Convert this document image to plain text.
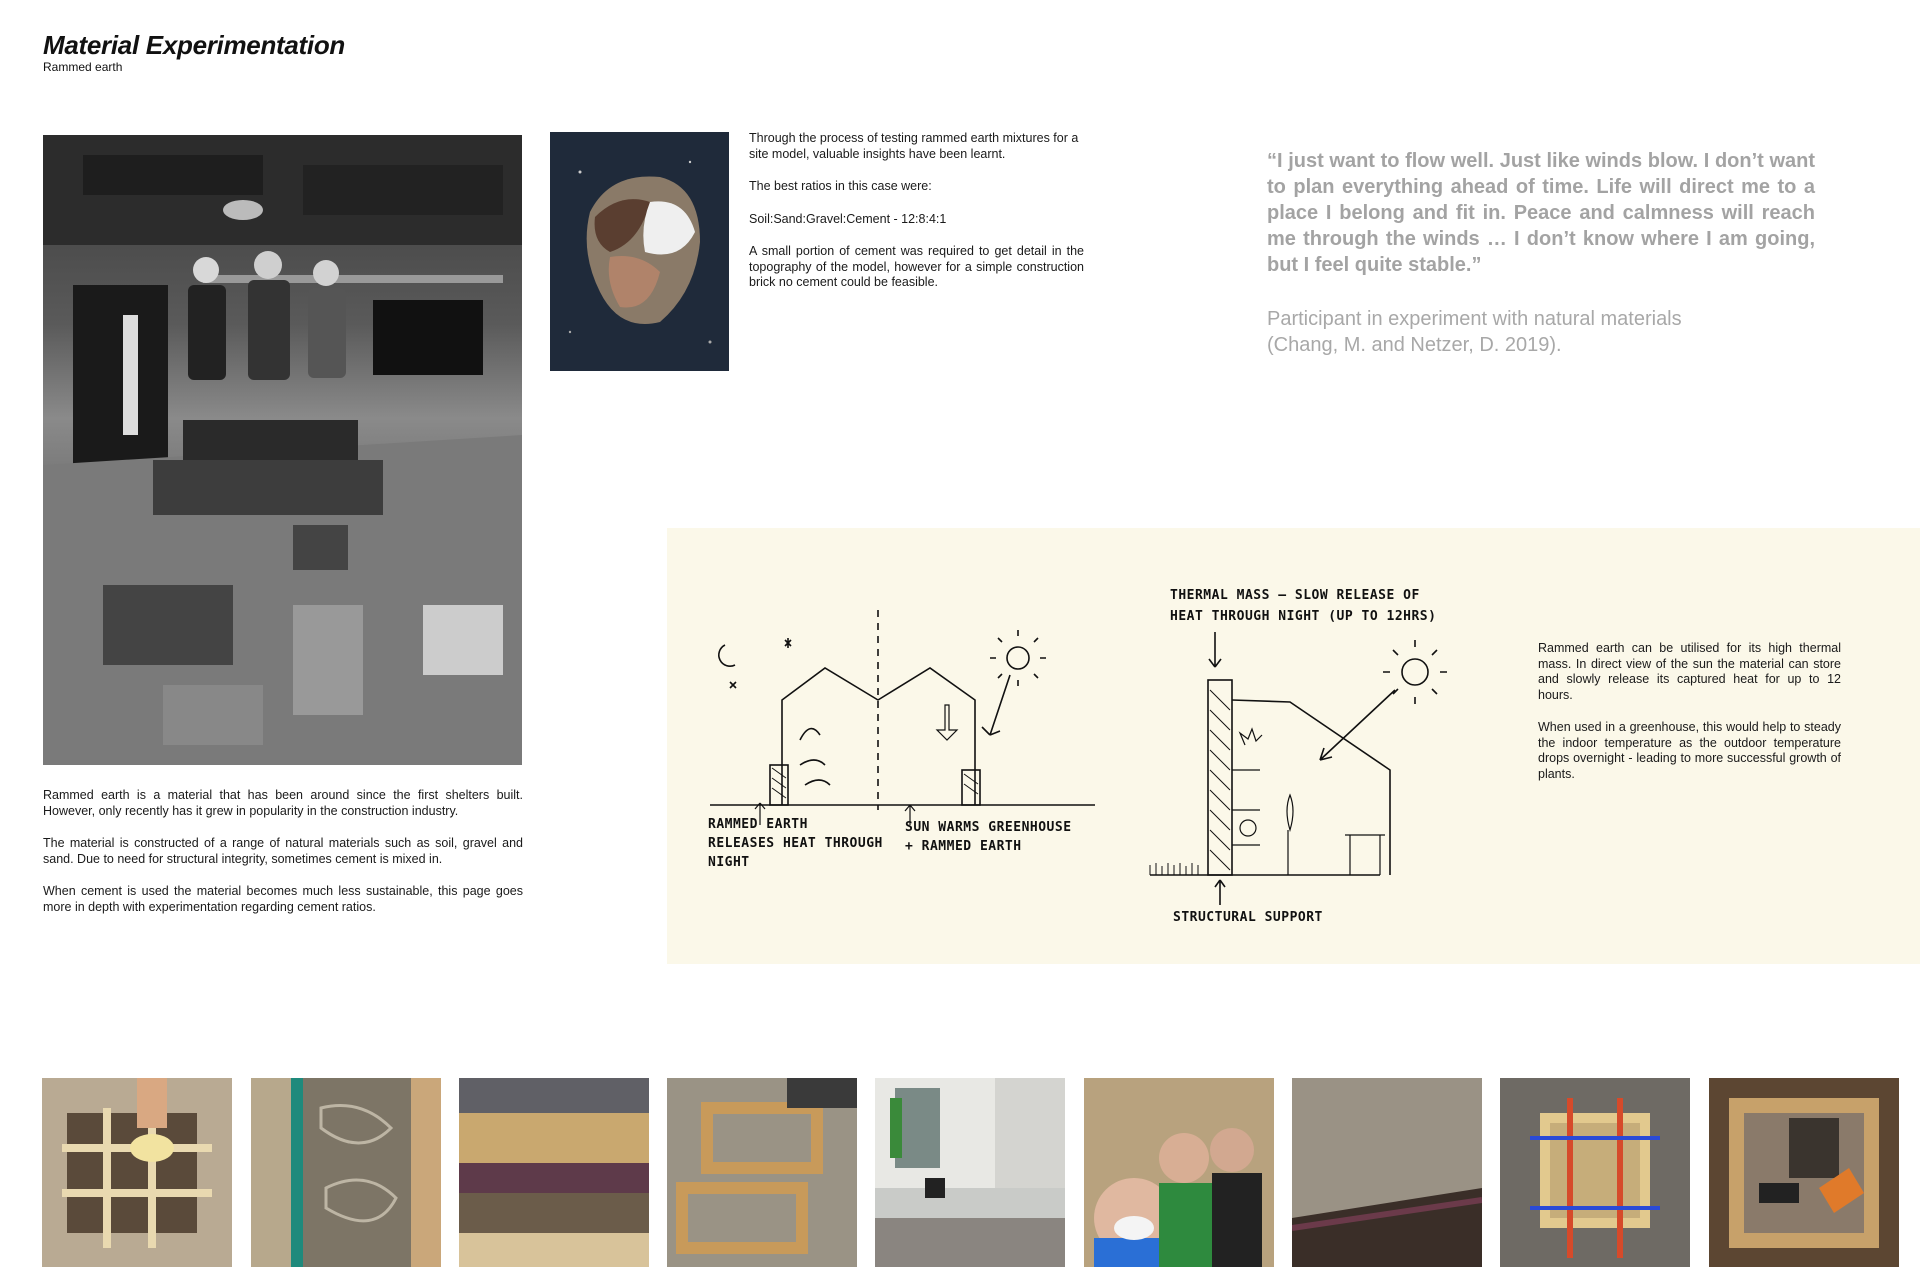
Material Experimentation
Rammed earth

Rammed earth is a material that has been around since the first shelters built. However, only recently has it grew in popularity in the construction industry.

The material is constructed of a range of natural materials such as soil, gravel and sand. Due to need for structural integrity, sometimes cement is mixed in.

When cement is used the material becomes much less sustainable, this page goes more in depth with experimentation regarding cement ratios.

Through the process of testing rammed earth mixtures for a site model, valuable insights have been learnt.

The best ratios in this case were:

Soil:Sand:Gravel:Cement - 12:8:4:1

A small portion of cement was required to get detail in the topography of the model, however for a simple construction brick no cement could be feasible.

“I just want to flow well. Just like winds blow. I don’t want to plan everything ahead of time. Life will direct me to a place I belong and fit in. Peace and calmness will reach me through the winds … I don’t know where I am going, but I feel quite stable.”
Participant in experiment with natural materials
(Chang, M. and Netzer, D. 2019).
RAMMED EARTH
RELEASES HEAT THROUGH
NIGHT
SUN WARMS GREENHOUSE
+ RAMMED EARTH
THERMAL MASS – SLOW RELEASE OF
HEAT THROUGH NIGHT (UP TO 12HRS)
STRUCTURAL SUPPORT

Rammed earth can be utilised for its high thermal mass. In direct view of the sun the material can store and slowly release its captured heat for up to 12 hours.

When used in a greenhouse, this would help to steady the indoor temperature as the outdoor temperature drops overnight - leading to more successful growth of plants.
